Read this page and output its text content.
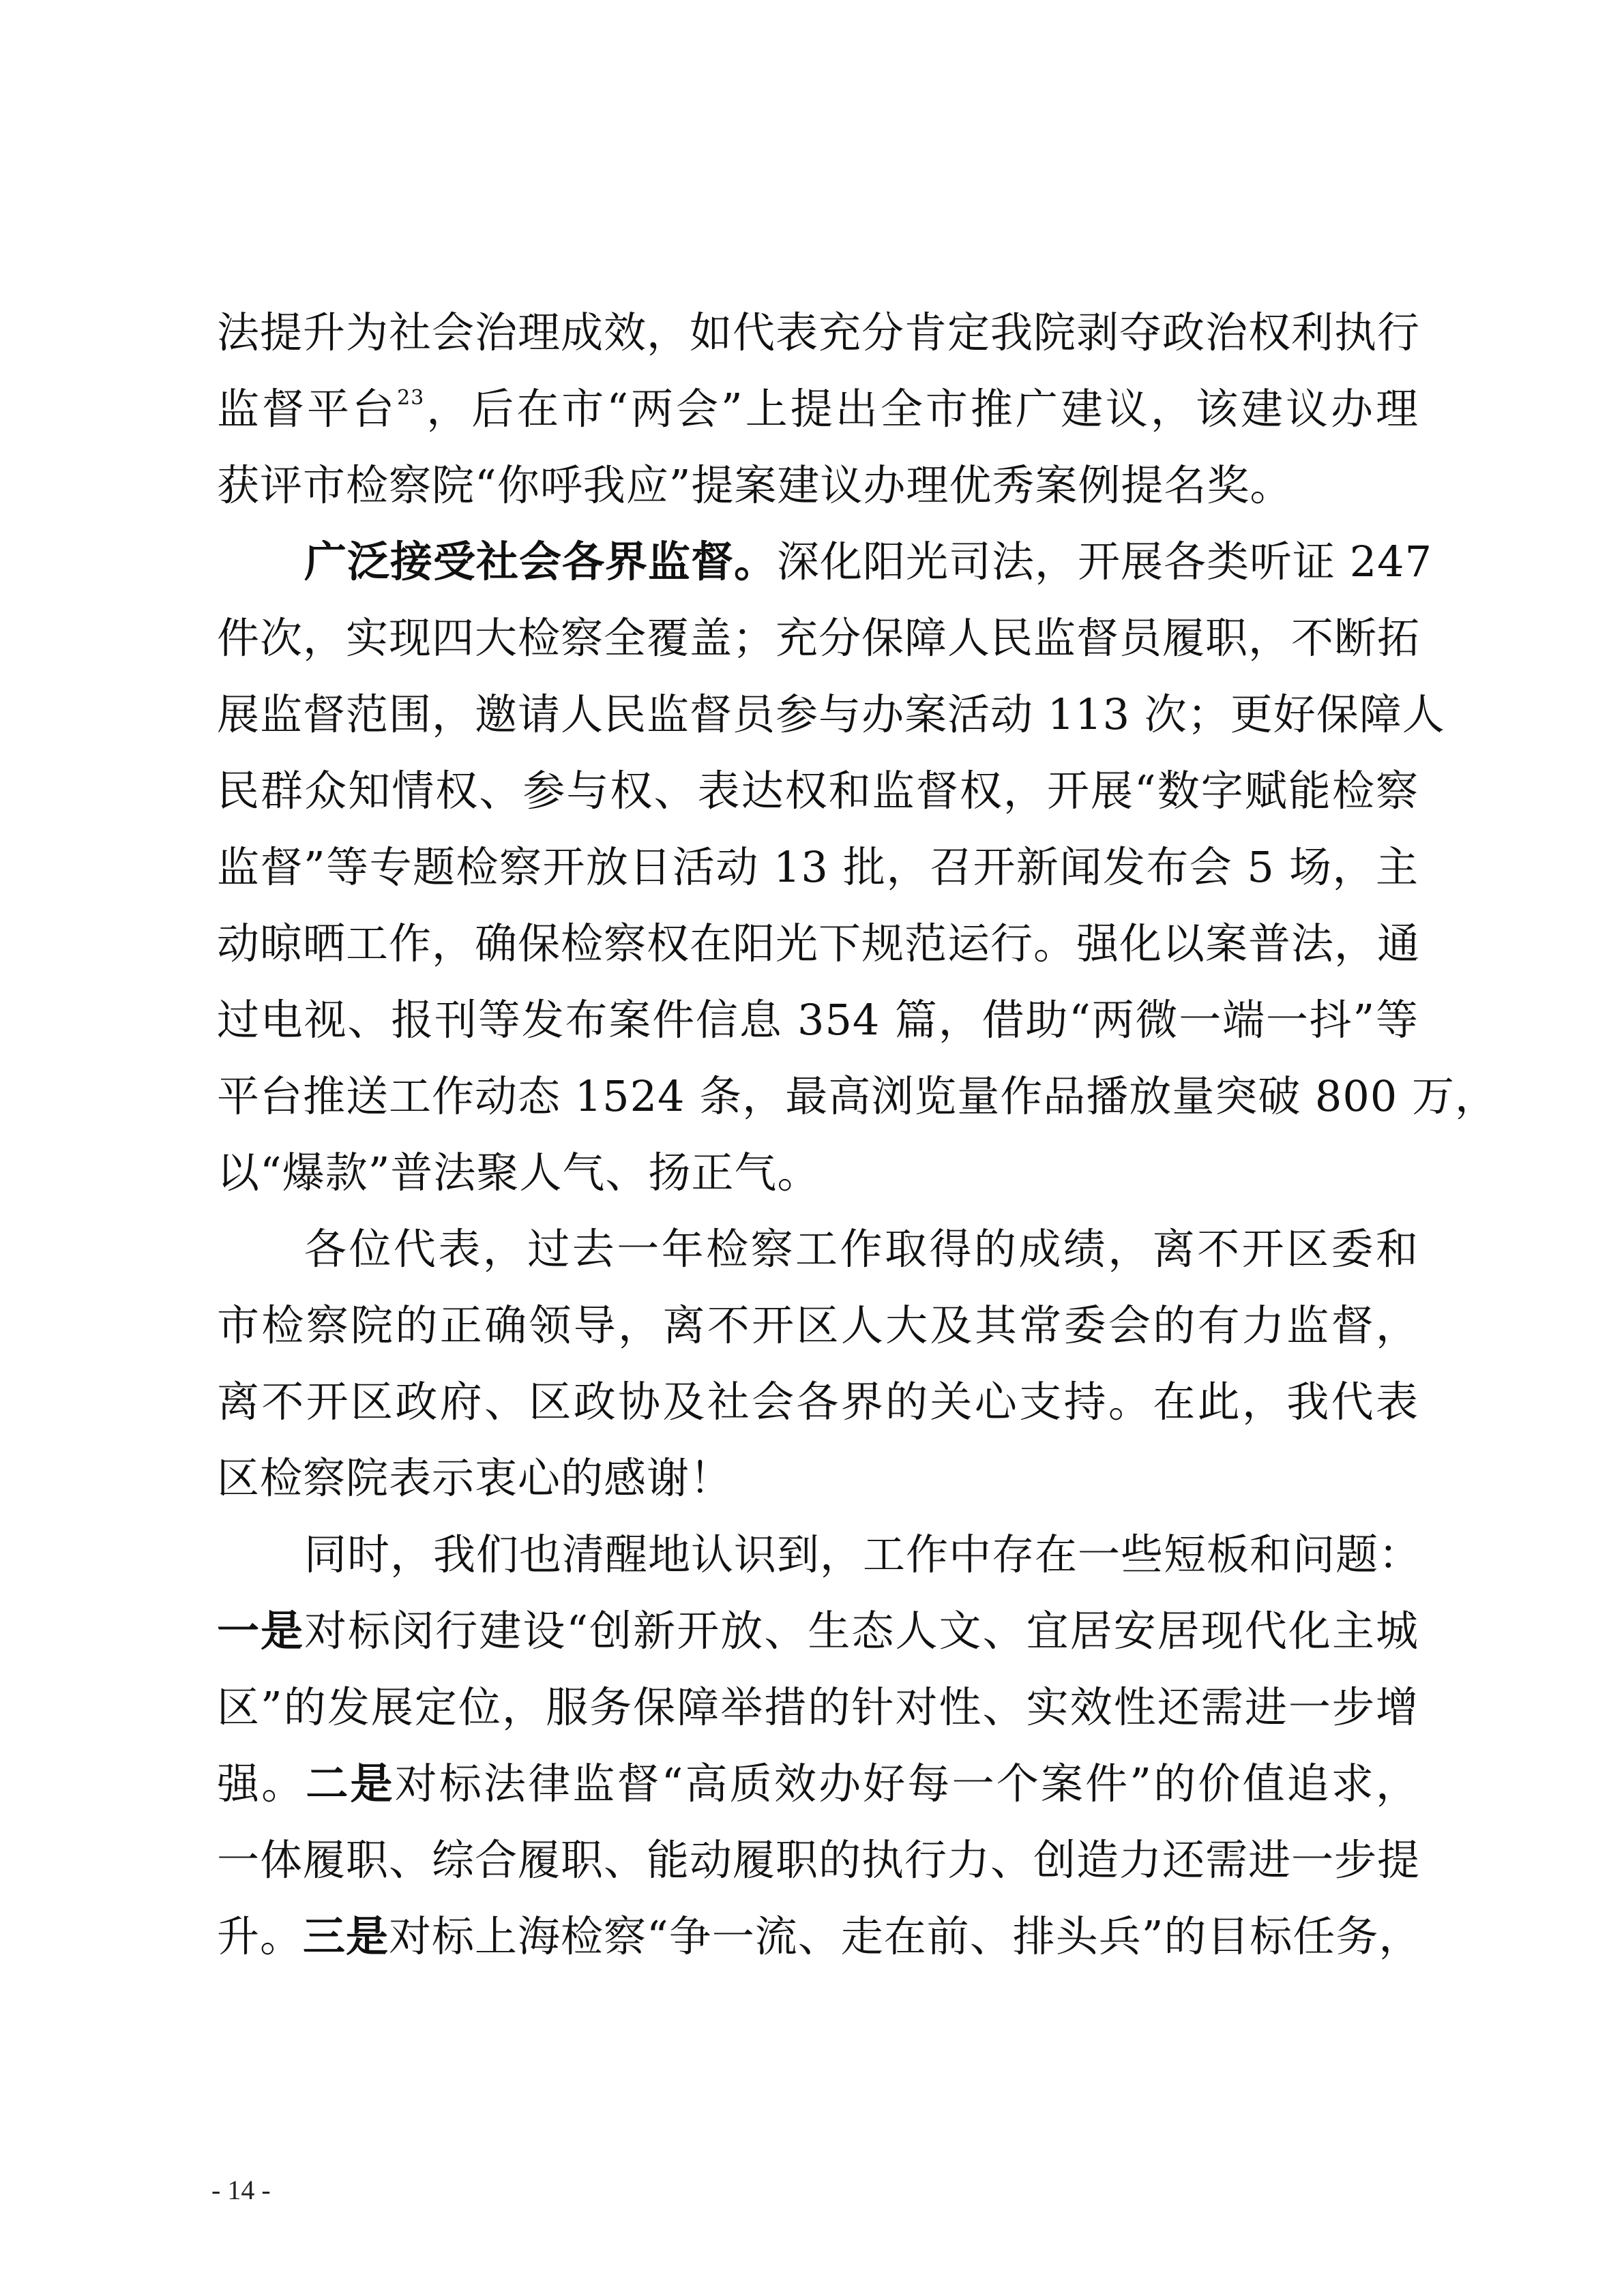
法提升为社会治理成效，如代表充分肯定我院剥夺政治权利执行
监督平台$^{23}$，后在市“两会”上提出全市推广建议，该建议办理
获评市检察院“你呼我应”提案建议办理优秀案例提名奖。
广泛接受社会各界监督。深化阳光司法，开展各类听证 247
件次，实现四大检察全覆盖；充分保障人民监督员履职，不断拓
展监督范围，邀请人民监督员参与办案活动 113 次；更好保障人
民群众知情权、参与权、表达权和监督权，开展“数字赋能检察
监督”等专题检察开放日活动 13 批，召开新闻发布会 5 场，主
动晾晒工作，确保检察权在阳光下规范运行。强化以案普法，通
过电视、报刊等发布案件信息 354 篇，借助“两微一端一抖”等
平台推送工作动态 1524 条，最高浏览量作品播放量突破 800 万，
以“爆款”普法聚人气、扬正气。
各位代表，过去一年检察工作取得的成绩，离不开区委和
市检察院的正确领导，离不开区人大及其常委会的有力监督，
离不开区政府、区政协及社会各界的关心支持。在此，我代表
区检察院表示衷心的感谢！
同时，我们也清醒地认识到，工作中存在一些短板和问题：
一是对标闵行建设“创新开放、生态人文、宜居安居现代化主城
区”的发展定位，服务保障举措的针对性、实效性还需进一步增
强。二是对标法律监督“高质效办好每一个案件”的价值追求，
一体履职、综合履职、能动履职的执行力、创造力还需进一步提
升。三是对标上海检察“争一流、走在前、排头兵”的目标任务，
- 14 -
